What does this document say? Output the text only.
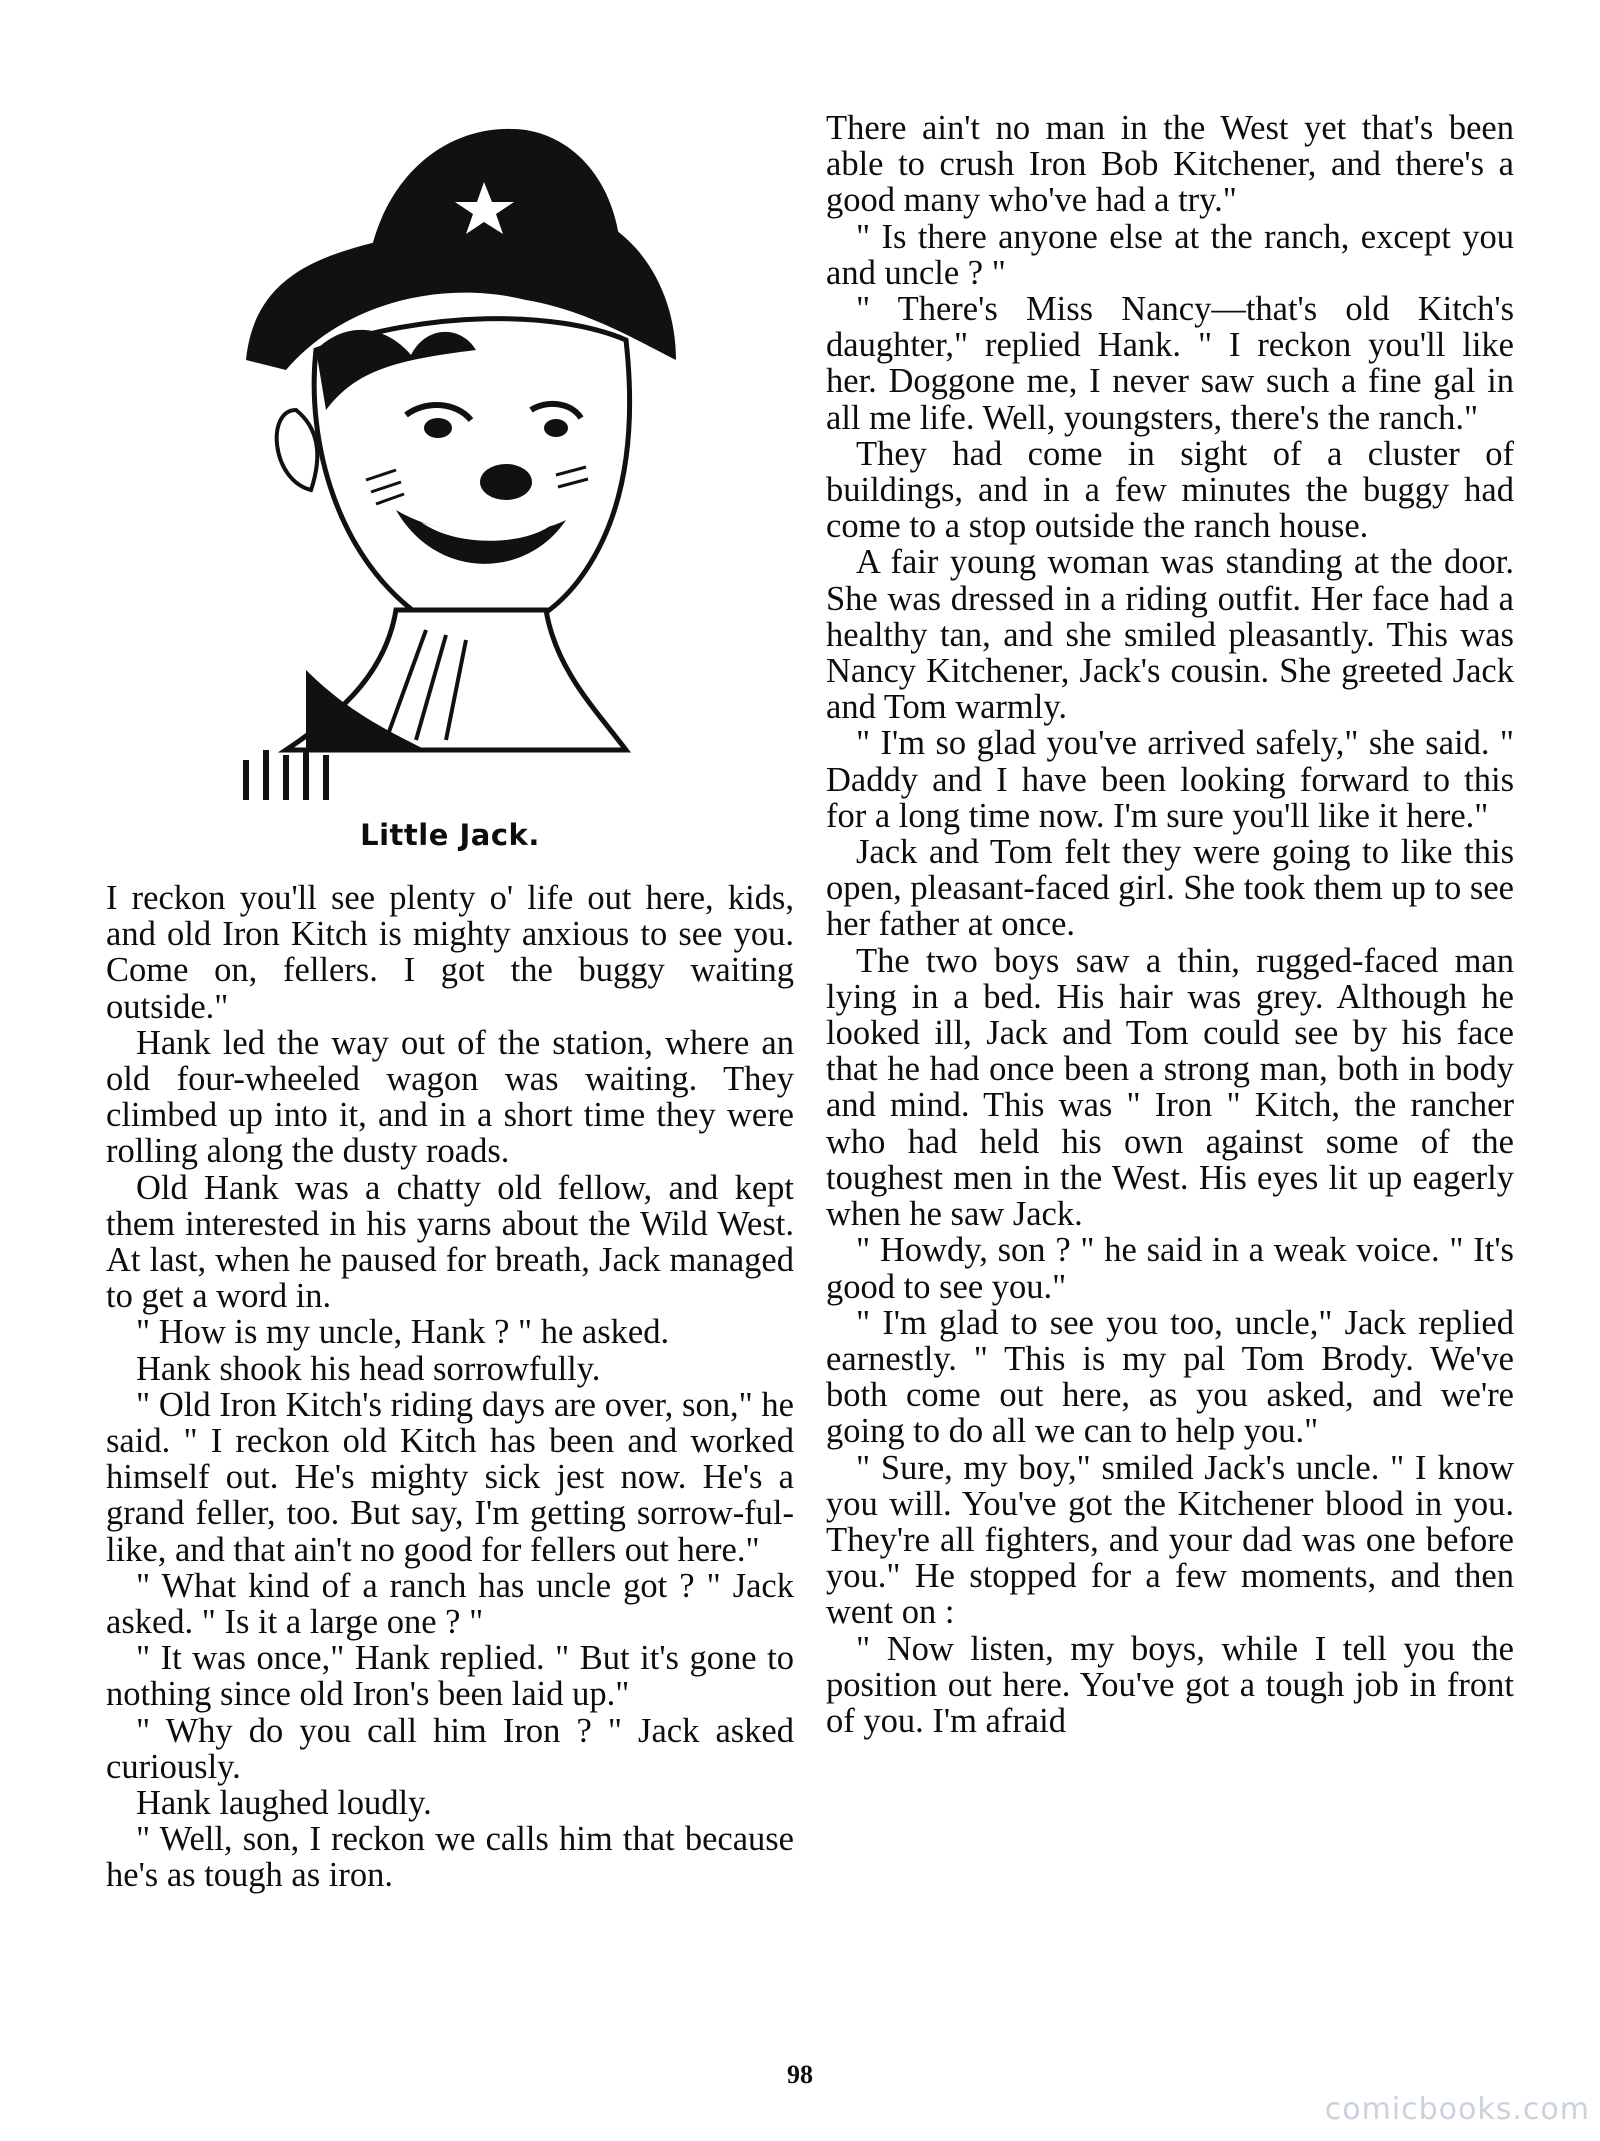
Little Jack.

I reckon you'll see plenty o' life out here, kids, and old Iron Kitch is mighty anxious to see you. Come on, fellers. I got the buggy waiting outside."

Hank led the way out of the station, where an old four-wheeled wagon was waiting. They climbed up into it, and in a short time they were rolling along the dusty roads.

Old Hank was a chatty old fellow, and kept them interested in his yarns about the Wild West. At last, when he paused for breath, Jack managed to get a word in.

" How is my uncle, Hank ? " he asked.

Hank shook his head sorrowfully.

" Old Iron Kitch's riding days are over, son," he said. " I reckon old Kitch has been and worked himself out. He's mighty sick jest now. He's a grand feller, too. But say, I'm getting sorrow-ful-like, and that ain't no good for fellers out here."

" What kind of a ranch has uncle got ? " Jack asked. " Is it a large one ? "

" It was once," Hank replied. " But it's gone to nothing since old Iron's been laid up."

" Why do you call him Iron ? " Jack asked curiously.

Hank laughed loudly.

" Well, son, I reckon we calls him that because he's as tough as iron.

There ain't no man in the West yet that's been able to crush Iron Bob Kitchener, and there's a good many who've had a try."

" Is there anyone else at the ranch, except you and uncle ? "

" There's Miss Nancy—that's old Kitch's daughter," replied Hank. " I reckon you'll like her. Doggone me, I never saw such a fine gal in all me life. Well, youngsters, there's the ranch."

They had come in sight of a cluster of buildings, and in a few minutes the buggy had come to a stop outside the ranch house.

A fair young woman was standing at the door. She was dressed in a riding outfit. Her face had a healthy tan, and she smiled pleasantly. This was Nancy Kitchener, Jack's cousin. She greeted Jack and Tom warmly.

" I'm so glad you've arrived safely," she said. " Daddy and I have been looking forward to this for a long time now. I'm sure you'll like it here."

Jack and Tom felt they were going to like this open, pleasant-faced girl. She took them up to see her father at once.

The two boys saw a thin, rugged-faced man lying in a bed. His hair was grey. Although he looked ill, Jack and Tom could see by his face that he had once been a strong man, both in body and mind. This was " Iron " Kitch, the rancher who had held his own against some of the toughest men in the West. His eyes lit up eagerly when he saw Jack.

" Howdy, son ? " he said in a weak voice. " It's good to see you."

" I'm glad to see you too, uncle," Jack replied earnestly. " This is my pal Tom Brody. We've both come out here, as you asked, and we're going to do all we can to help you."

" Sure, my boy," smiled Jack's uncle. " I know you will. You've got the Kitchener blood in you. They're all fighters, and your dad was one before you." He stopped for a few moments, and then went on :

" Now listen, my boys, while I tell you the position out here. You've got a tough job in front of you. I'm afraid

98
comicbooks.com
